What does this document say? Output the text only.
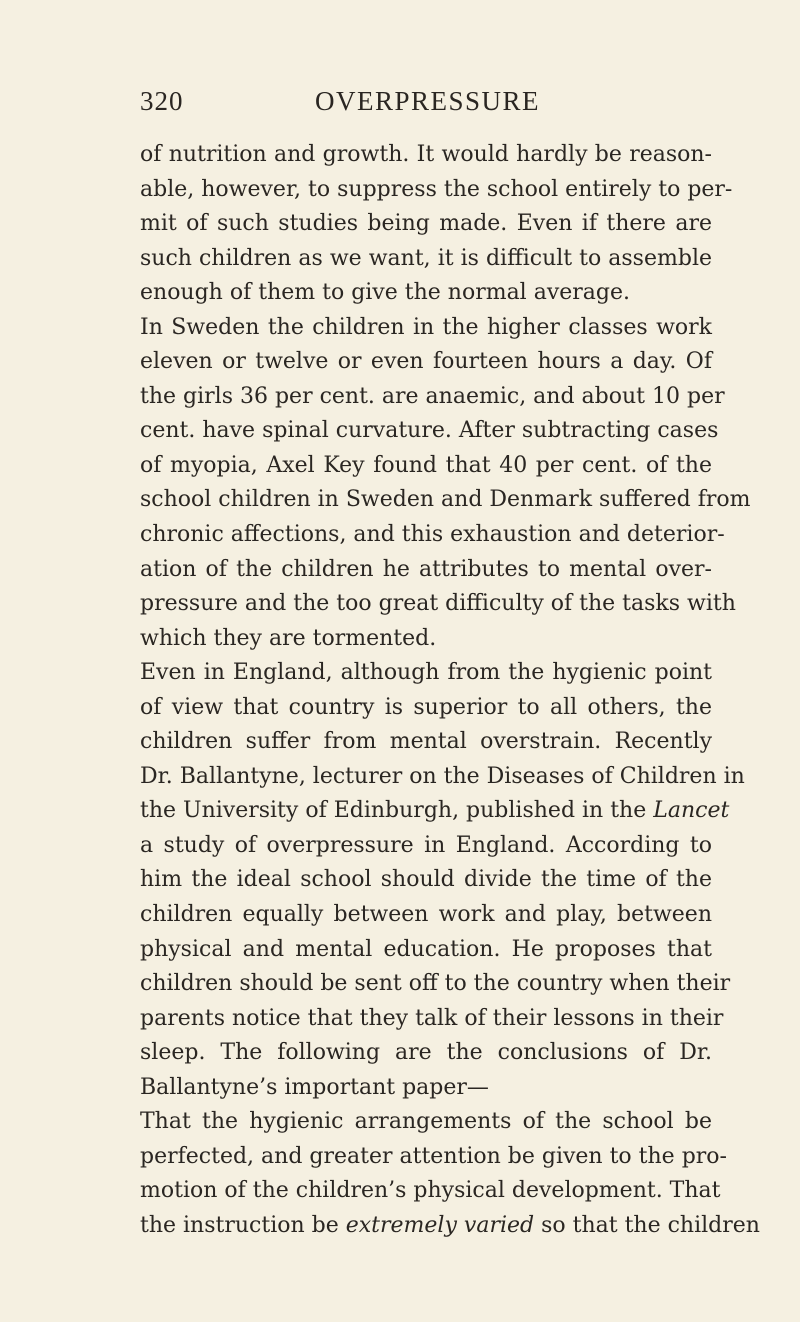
320	OVERPRESSURE
of nutrition and growth. It would hardly be reason-
able, however, to suppress the school entirely to per-
mit of such studies being made. Even if there are
such children as we want, it is difficult to assemble
enough of them to give the normal average.
In Sweden the children in the higher classes work
eleven or twelve or even fourteen hours a day. Of
the girls 36 per cent. are anaemic, and about 10 per
cent. have spinal curvature. After subtracting cases
of myopia, Axel Key found that 40 per cent. of the
school children in Sweden and Denmark suffered from
chronic affections, and this exhaustion and deterior-
ation of the children he attributes to mental over-
pressure and the too great difficulty of the tasks with
which they are tormented.
Even in England, although from the hygienic point
of view that country is superior to all others, the
children suffer from mental overstrain. Recently
Dr. Ballantyne, lecturer on the Diseases of Children in
the University of Edinburgh, published in the Lancet
a study of overpressure in England. According to
him the ideal school should divide the time of the
children equally between work and play, between
physical and mental education. He proposes that
children should be sent off to the country when their
parents notice that they talk of their lessons in their
sleep. The following are the conclusions of Dr.
Ballantyne’s important paper—
That the hygienic arrangements of the school be
perfected, and greater attention be given to the pro-
motion of the children’s physical development. That
the instruction be extremely varied so that the children
